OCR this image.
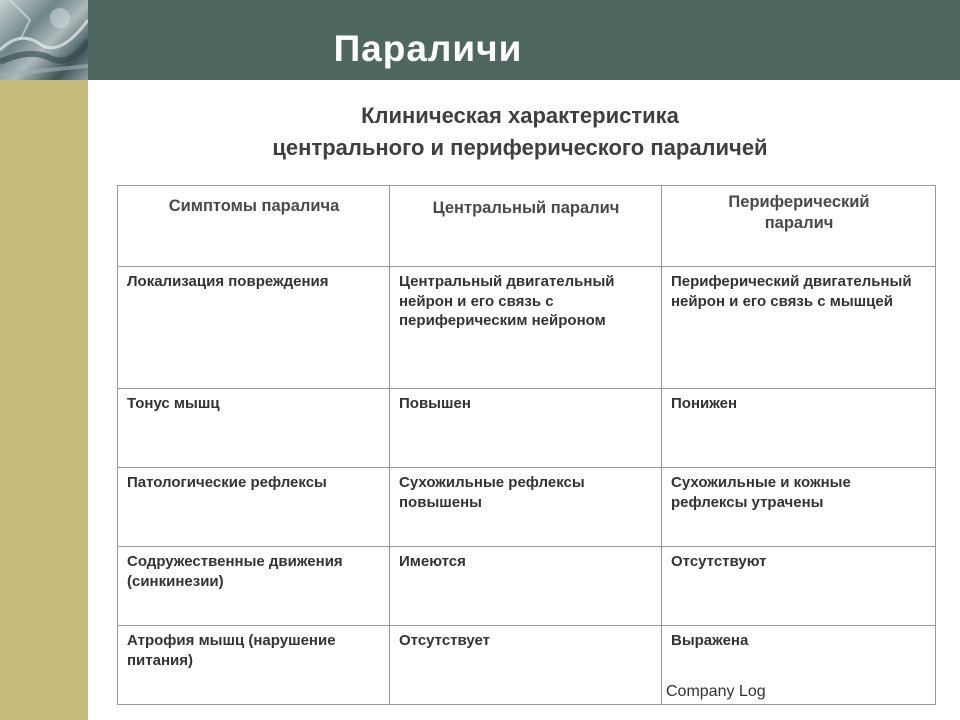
Параличи
Клиническая характеристика
центрального и периферического параличей
Симптомы паралича	Центральный паралич	Периферический паралич

Локализация повреждения	Центральный двигательный нейрон и его связь с периферическим нейроном	Периферический двигательный нейрон и его связь с мышцей
Тонус мышц	Повышен	Понижен
Патологические рефлексы	Сухожильные рефлексы повышены	Сухожильные и кожные рефлексы утрачены
Содружественные движения (синкинезии)	Имеются	Отсутствуют
Атрофия мышц (нарушение питания)	Отсутствует	Выражена
Company Log
